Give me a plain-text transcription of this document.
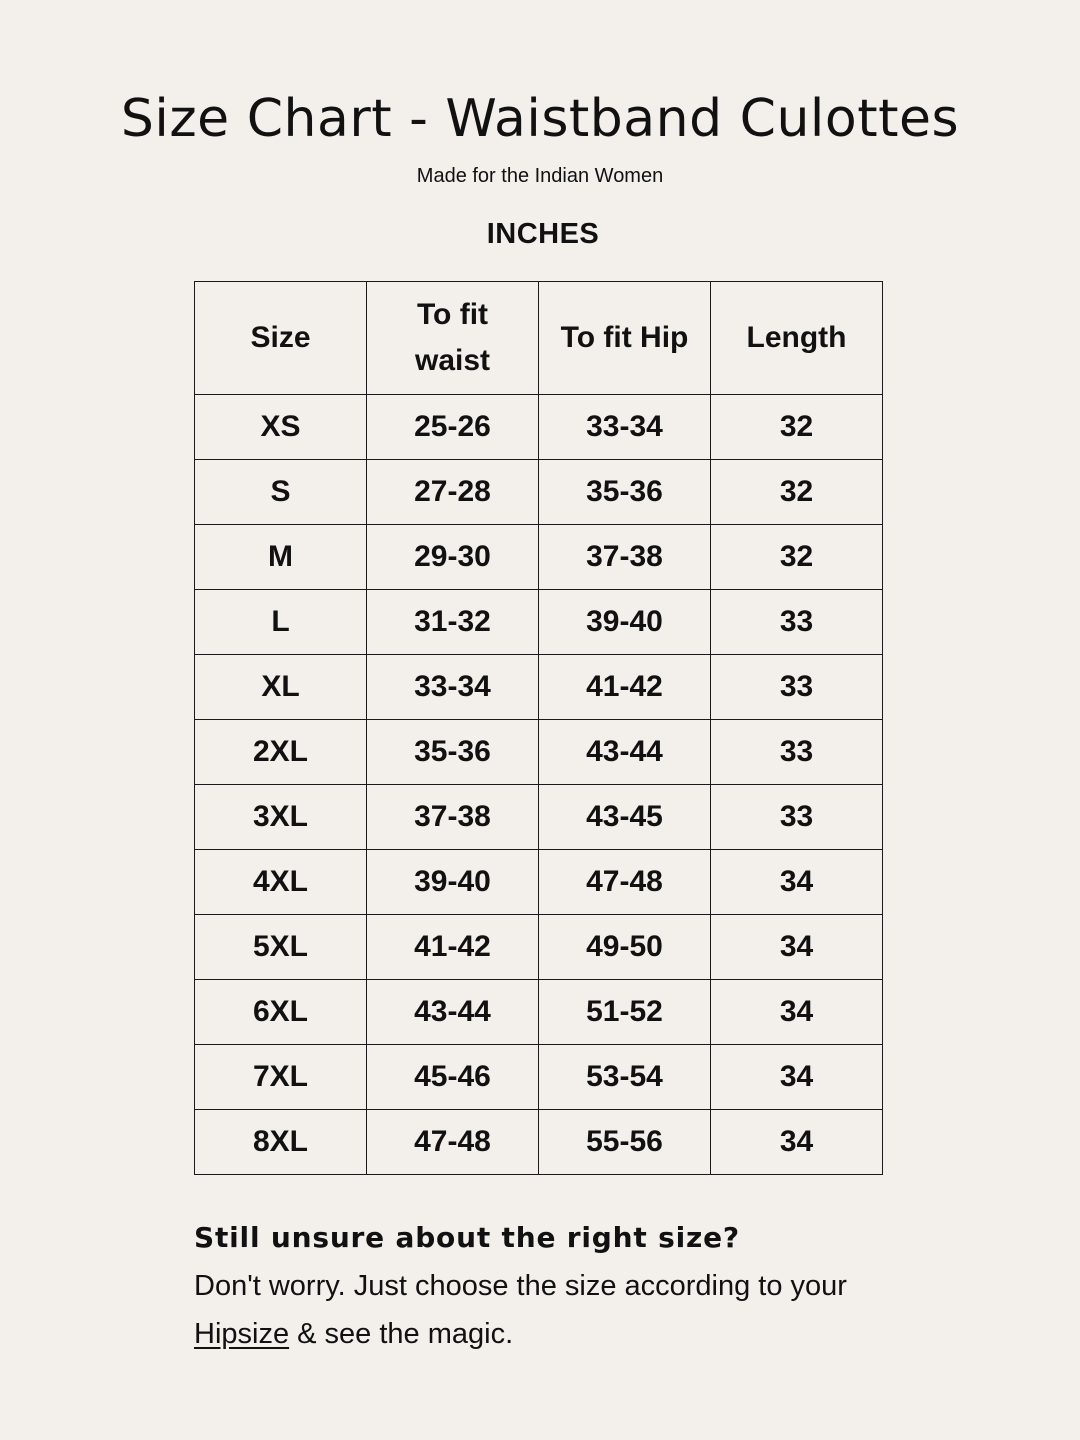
Size Chart - Waistband Culottes
Made for the Indian Women
INCHES
Size	To fit waist	To fit Hip	Length
XS	25-26	33-34	32
S	27-28	35-36	32
M	29-30	37-38	32
L	31-32	39-40	33
XL	33-34	41-42	33
2XL	35-36	43-44	33
3XL	37-38	43-45	33
4XL	39-40	47-48	34
5XL	41-42	49-50	34
6XL	43-44	51-52	34
7XL	45-46	53-54	34
8XL	47-48	55-56	34
Still unsure about the right size?
Don't worry. Just choose the size according to your Hipsize & see the magic.
